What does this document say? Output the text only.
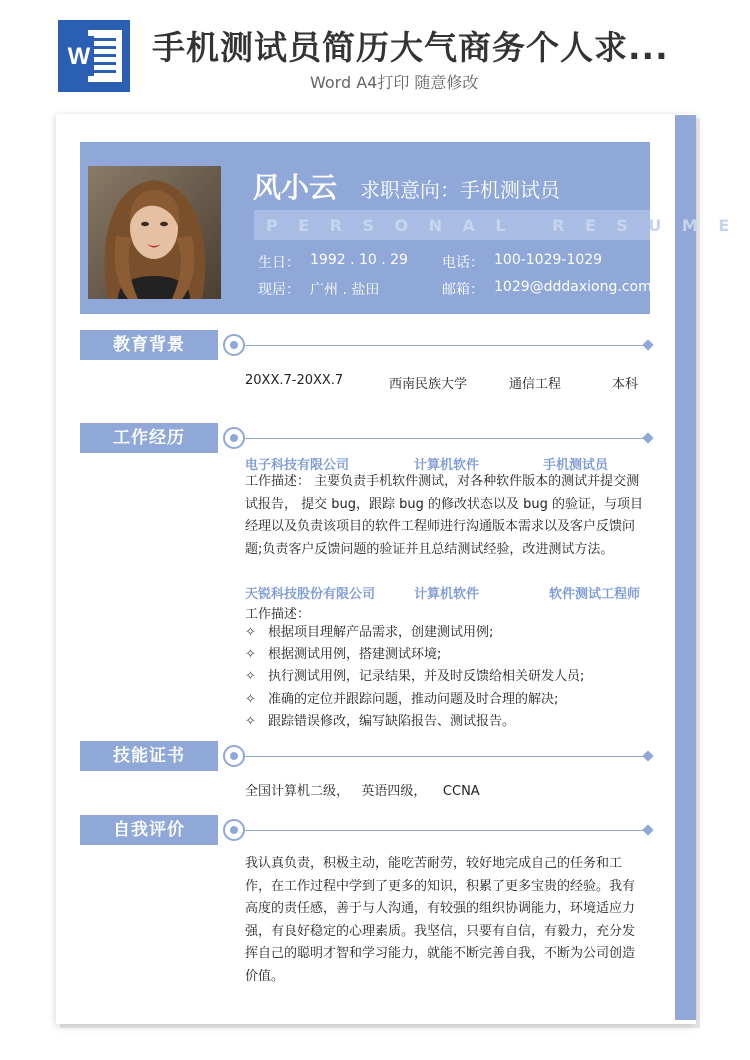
W 手机测试员简历大气商务个人求...
Word A4打印 随意修改
风小云 求职意向：手机测试员
PERSONAL RESUME
生日： 1992 . 10 . 29 电话： 100-1029-1029
现居： 广州 . 盐田	邮箱： 1029@dddaxiong.com
教育背景
20XX.7-20XX.7	西南民族大学	通信工程	本科
工作经历
电子科技有限公司	计算机软件	手机测试员
工作描述： 主要负责手机软件测试，对各种软件版本的测试并提交测试报告， 提交 bug，跟踪 bug 的修改状态以及 bug 的验证，与项目经理以及负责该项目的软件工程师进行沟通版本需求以及客户反馈问题;负责客户反馈问题的验证并且总结测试经验，改进测试方法。
天锐科技股份有限公司	计算机软件	软件测试工程师
工作描述：
✧ 根据项目理解产品需求，创建测试用例;
✧ 根据测试用例，搭建测试环境;
✧ 执行测试用例，记录结果，并及时反馈给相关研发人员;
✧ 准确的定位并跟踪问题，推动问题及时合理的解决;
✧ 跟踪错误修改，编写缺陷报告、测试报告。
技能证书
全国计算机二级，   英语四级，    CCNA
自我评价
我认真负责，积极主动，能吃苦耐劳，较好地完成自己的任务和工作，在工作过程中学到了更多的知识，积累了更多宝贵的经验。我有高度的责任感，善于与人沟通，有较强的组织协调能力，环境适应力强，有良好稳定的心理素质。我坚信，只要有自信，有毅力，充分发挥自己的聪明才智和学习能力，就能不断完善自我，不断为公司创造价值。
